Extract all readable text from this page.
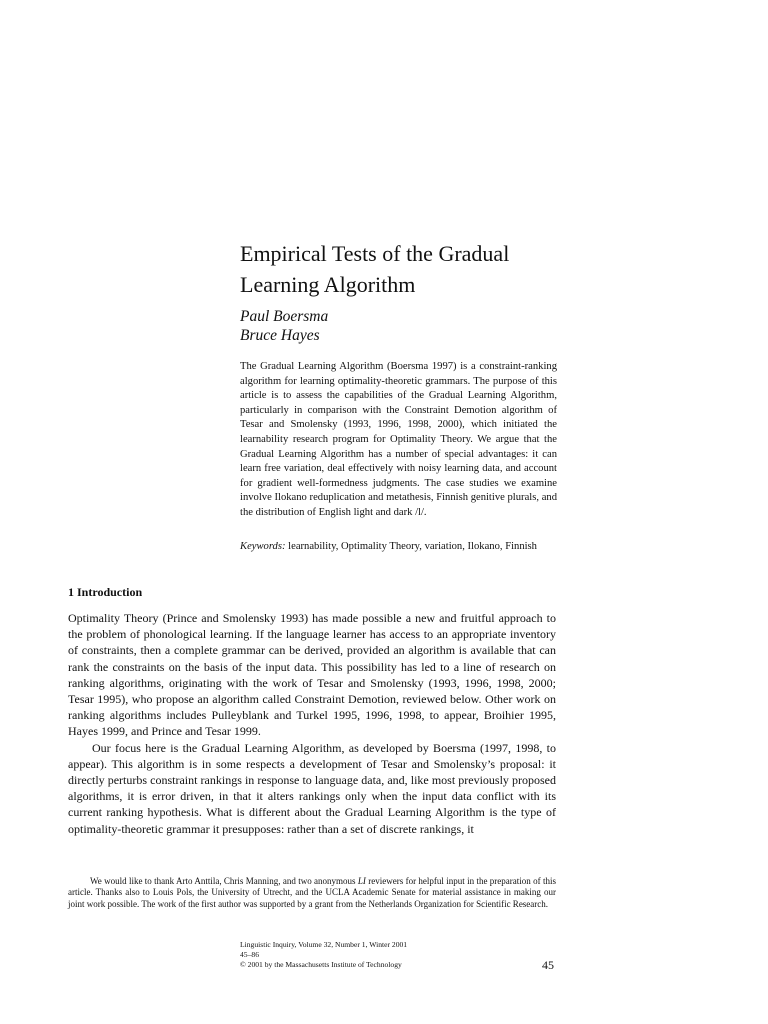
Empirical Tests of the Gradual Learning Algorithm
Paul Boersma
Bruce Hayes

The Gradual Learning Algorithm (Boersma 1997) is a constraint-ranking algorithm for learning optimality-theoretic grammars. The purpose of this article is to assess the capabilities of the Gradual Learning Algorithm, particularly in comparison with the Constraint Demotion algorithm of Tesar and Smolensky (1993, 1996, 1998, 2000), which initiated the learnability research program for Optimality Theory. We argue that the Gradual Learning Algorithm has a number of special advantages: it can learn free variation, deal effectively with noisy learning data, and account for gradient well-formedness judgments. The case studies we examine involve Ilokano reduplication and metathesis, Finnish genitive plurals, and the distribution of English light and dark /l/.

Keywords: learnability, Optimality Theory, variation, Ilokano, Finnish

1 Introduction

Optimality Theory (Prince and Smolensky 1993) has made possible a new and fruitful approach to the problem of phonological learning. If the language learner has access to an appropriate inventory of constraints, then a complete grammar can be derived, provided an algorithm is available that can rank the constraints on the basis of the input data. This possibility has led to a line of research on ranking algorithms, originating with the work of Tesar and Smolensky (1993, 1996, 1998, 2000; Tesar 1995), who propose an algorithm called Constraint Demotion, reviewed below. Other work on ranking algorithms includes Pulleyblank and Turkel 1995, 1996, 1998, to appear, Broihier 1995, Hayes 1999, and Prince and Tesar 1999.

Our focus here is the Gradual Learning Algorithm, as developed by Boersma (1997, 1998, to appear). This algorithm is in some respects a development of Tesar and Smolensky’s proposal: it directly perturbs constraint rankings in response to language data, and, like most previously proposed algorithms, it is error driven, in that it alters rankings only when the input data conflict with its current ranking hypothesis. What is different about the Gradual Learning Algorithm is the type of optimality-theoretic grammar it presupposes: rather than a set of discrete rankings, it

We would like to thank Arto Anttila, Chris Manning, and two anonymous LI reviewers for helpful input in the preparation of this article. Thanks also to Louis Pols, the University of Utrecht, and the UCLA Academic Senate for material assistance in making our joint work possible. The work of the first author was supported by a grant from the Netherlands Organization for Scientific Research.

Linguistic Inquiry, Volume 32, Number 1, Winter 2001
45–86
© 2001 by the Massachusetts Institute of Technology	45
